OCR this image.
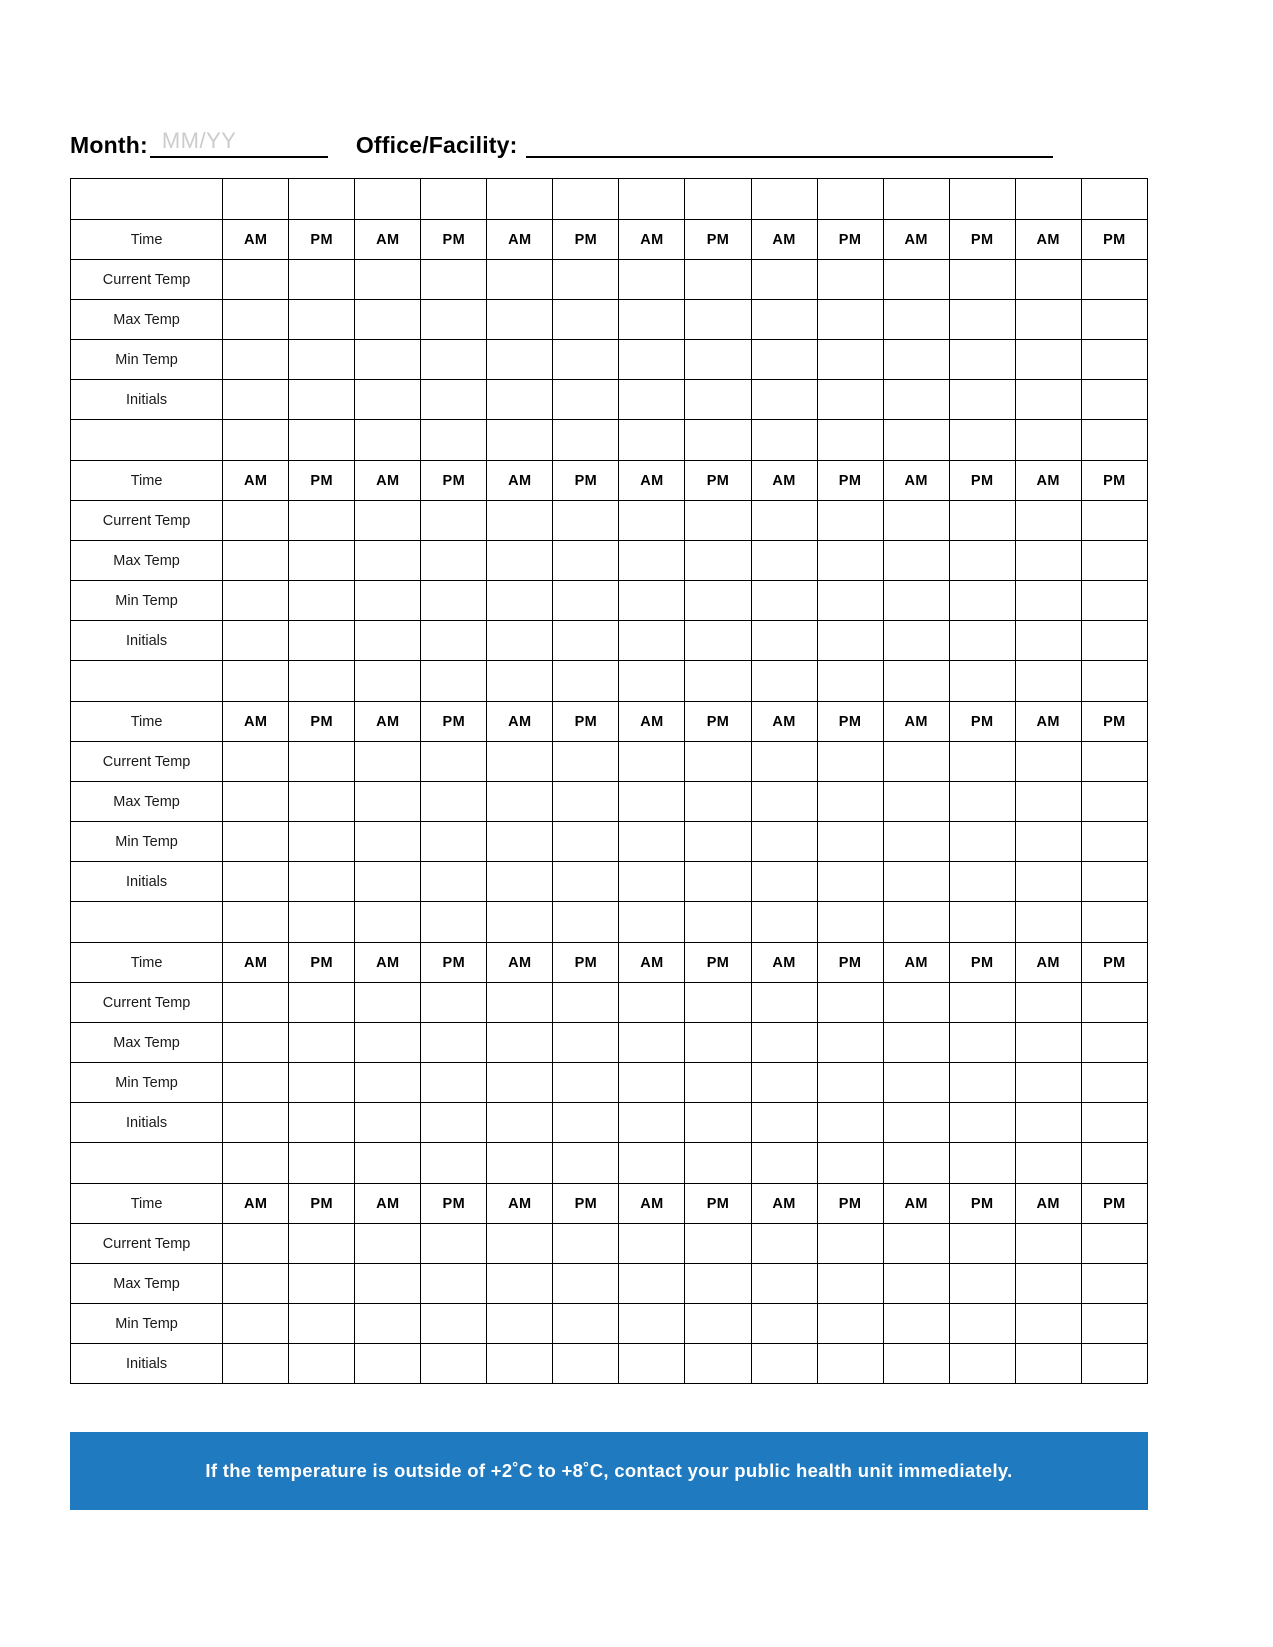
Month: MM/YY	Office/Facility:
Week 1	Mon		Tue		Wed		Thur		Fri		Sat		Sun	
Time	AM	PM	AM	PM	AM	PM	AM	PM	AM	PM	AM	PM	AM	PM
Current Temp														
Max Temp														
Min Temp														
Initials														
Week 2	Mon		Tue		Wed		Thur		Fri		Sat		Sun	
Time	AM	PM	AM	PM	AM	PM	AM	PM	AM	PM	AM	PM	AM	PM
Current Temp														
Max Temp														
Min Temp														
Initials														
Week 3	Mon		Tue		Wed		Thur		Fri		Sat		Sun	
Time	AM	PM	AM	PM	AM	PM	AM	PM	AM	PM	AM	PM	AM	PM
Current Temp														
Max Temp														
Min Temp														
Initials														
Week 4	Mon		Tue		Wed		Thur		Fri		Sat		Sun	
Time	AM	PM	AM	PM	AM	PM	AM	PM	AM	PM	AM	PM	AM	PM
Current Temp														
Max Temp														
Min Temp														
Initials														
Week 5	Mon		Tue		Wed		Thur		Fri		Sat		Sun	
Time	AM	PM	AM	PM	AM	PM	AM	PM	AM	PM	AM	PM	AM	PM
Current Temp														
Max Temp														
Min Temp														
Initials														
If the temperature is outside of +2˚C to +8˚C, contact your public health unit immediately.
